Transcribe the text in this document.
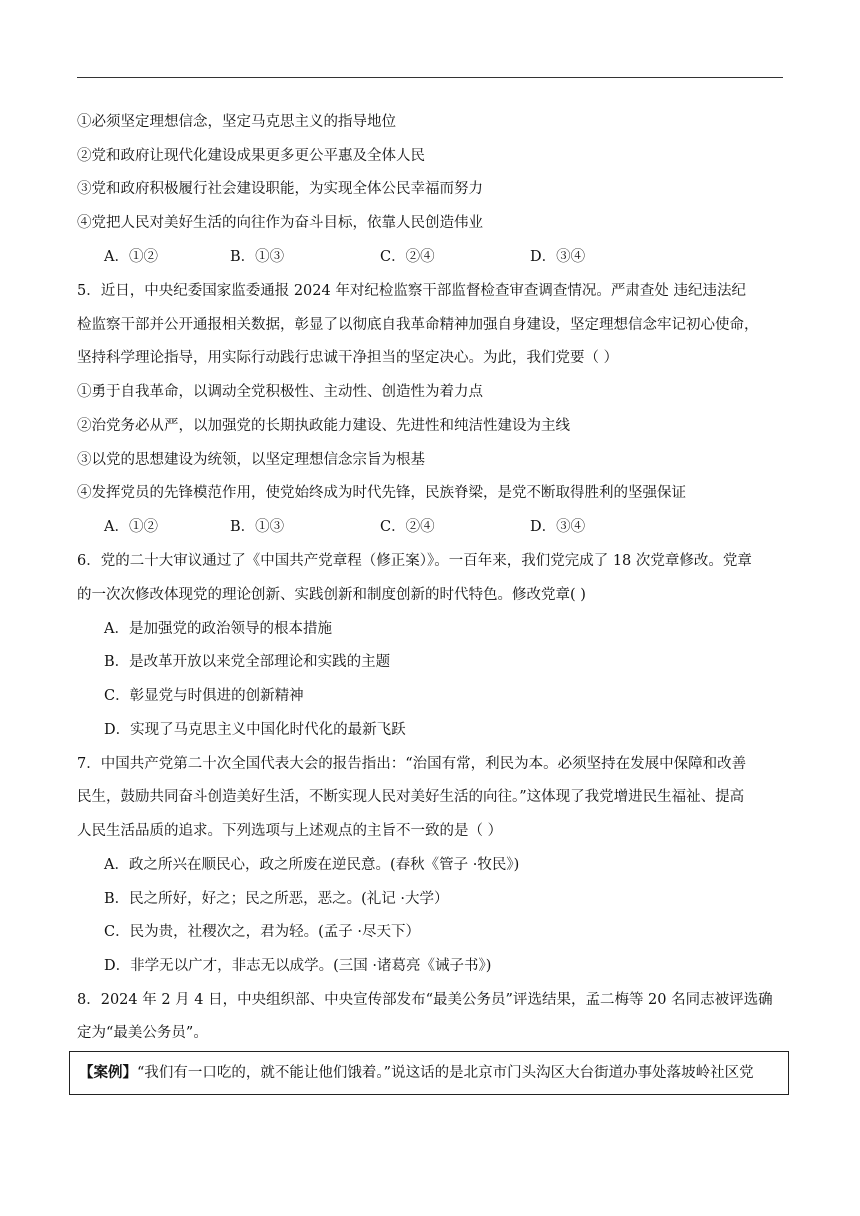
①必须坚定理想信念，坚定马克思主义的指导地位
②党和政府让现代化建设成果更多更公平惠及全体人民
③党和政府积极履行社会建设职能，为实现全体公民幸福而努力
④党把人民对美好生活的向往作为奋斗目标，依靠人民创造伟业
A．①②	B．①③	C．②④	D．③④
5．近日，中央纪委国家监委通报 2024 年对纪检监察干部监督检查审查调查情况。严肃查处 违纪违法纪
检监察干部并公开通报相关数据，彰显了以彻底自我革命精神加强自身建设，坚定理想信念牢记初心使命，
坚持科学理论指导，用实际行动践行忠诚干净担当的坚定决心。为此，我们党要（ ）
①勇于自我革命，以调动全党积极性、主动性、创造性为着力点
②治党务必从严，以加强党的长期执政能力建设、先进性和纯洁性建设为主线
③以党的思想建设为统领，以坚定理想信念宗旨为根基
④发挥党员的先锋模范作用，使党始终成为时代先锋，民族脊梁，是党不断取得胜利的坚强保证
A．①②	B．①③	C．②④	D．③④
6．党的二十大审议通过了《中国共产党章程（修正案）》。一百年来，我们党完成了 18 次党章修改。党章
的一次次修改体现党的理论创新、实践创新和制度创新的时代特色。修改党章( )
A．是加强党的政治领导的根本措施
B．是改革开放以来党全部理论和实践的主题
C．彰显党与时俱进的创新精神
D．实现了马克思主义中国化时代化的最新飞跃
7．中国共产党第二十次全国代表大会的报告指出：“治国有常，利民为本。必须坚持在发展中保障和改善
民生，鼓励共同奋斗创造美好生活，不断实现人民对美好生活的向往。”这体现了我党增进民生福祉、提高
人民生活品质的追求。下列选项与上述观点的主旨不一致的是（ ）
A．政之所兴在顺民心，政之所废在逆民意。(春秋《管子 ·牧民》)
B．民之所好，好之；民之所恶，恶之。(礼记 ·大学）
C．民为贵，社稷次之，君为轻。(孟子 ·尽天下）
D．非学无以广才，非志无以成学。(三国 ·诸葛亮《诫子书》)
8．2024 年 2 月 4 日，中央组织部、中央宣传部发布“最美公务员”评选结果，孟二梅等 20 名同志被评选确
定为“最美公务员”。
【案例】“我们有一口吃的，就不能让他们饿着。”说这话的是北京市门头沟区大台街道办事处落坡岭社区党
